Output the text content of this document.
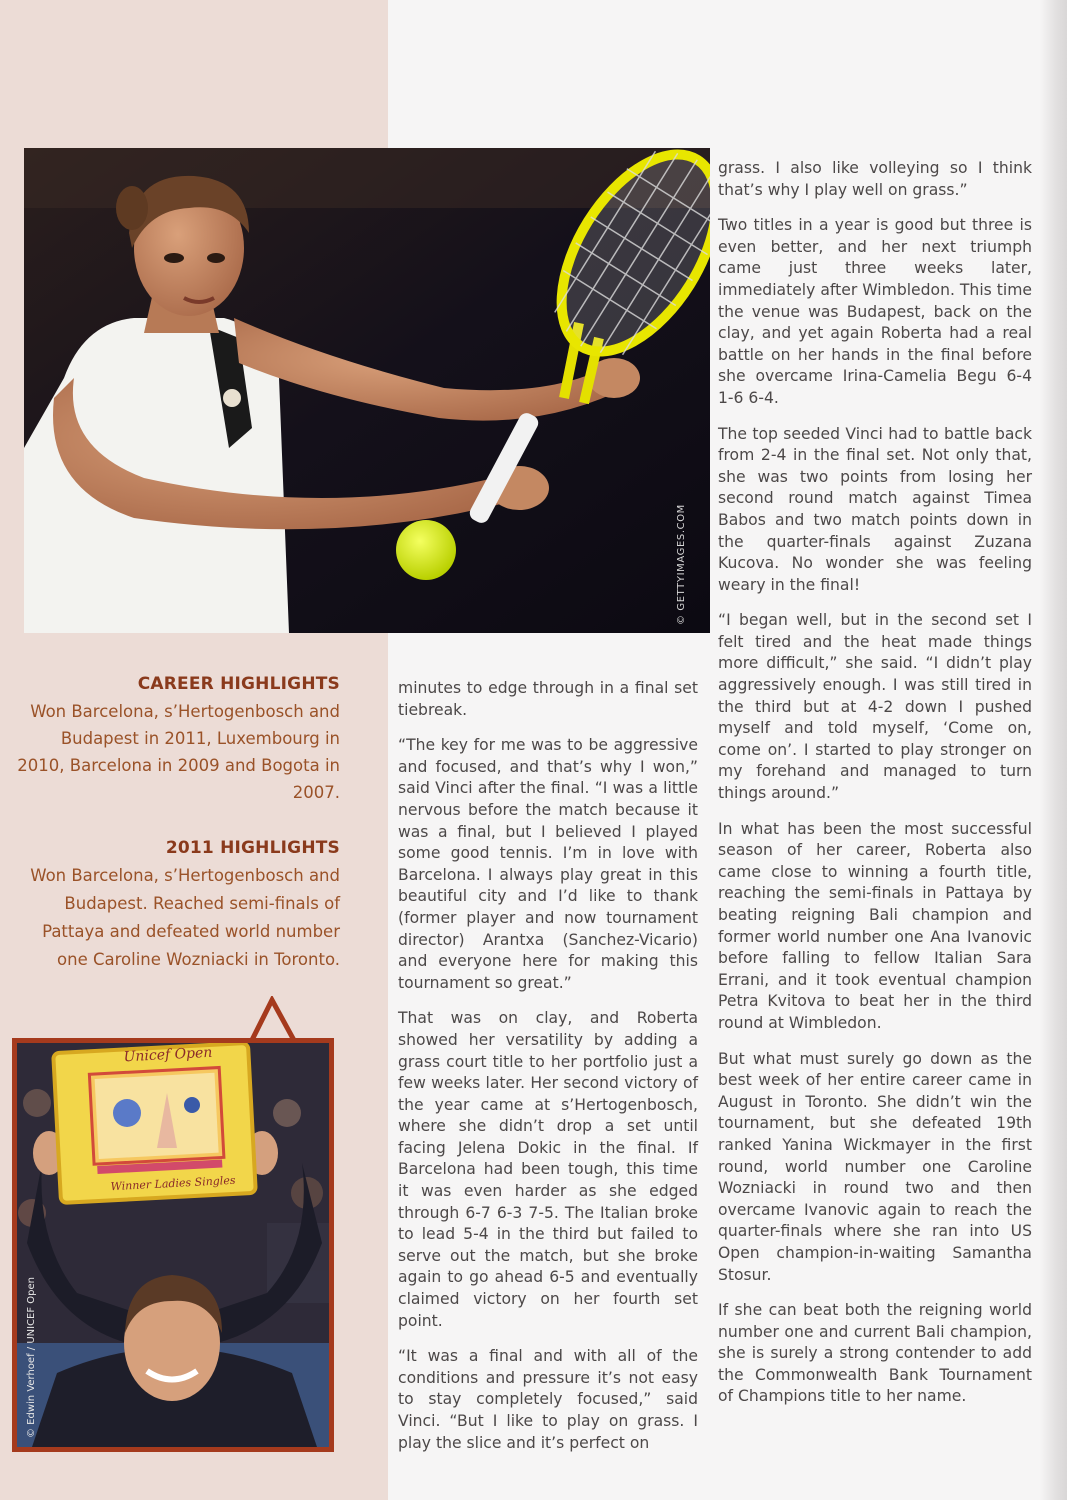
© GETTYIMAGES.COM
CAREER HIGHLIGHTS

Won Barcelona, s’Hertogenbosch and Budapest in 2011, Luxembourg in 2010, Barcelona in 2009 and Bogota in 2007.

2011 HIGHLIGHTS

Won Barcelona, s’Hertogenbosch and Budapest. Reached semi-finals of Pattaya and defeated world number one Caroline Wozniacki in Toronto.

Unicef Open
Winner Ladies Singles
© Edwin Verhoef / UNICEF Open

minutes to edge through in a final set tiebreak.

“The key for me was to be aggressive and focused, and that’s why I won,” said Vinci after the final. “I was a little nervous before the match because it was a final, but I believed I played some good tennis. I’m in love with Barcelona. I always play great in this beautiful city and I’d like to thank (former player and now tournament director) Arantxa (Sanchez-Vicario) and everyone here for making this tournament so great.”

That was on clay, and Roberta showed her versatility by adding a grass court title to her portfolio just a few weeks later. Her second victory of the year came at s’Hertogenbosch, where she didn’t drop a set until facing Jelena Dokic in the final. If Barcelona had been tough, this time it was even harder as she edged through 6-7 6-3 7-5. The Italian broke to lead 5-4 in the third but failed to serve out the match, but she broke again to go ahead 6-5 and eventually claimed victory on her fourth set point.

“It was a final and with all of the conditions and pressure it’s not easy to stay completely focused,” said Vinci. “But I like to play on grass. I play the slice and it’s perfect on

grass. I also like volleying so I think that’s why I play well on grass.”

Two titles in a year is good but three is even better, and her next triumph came just three weeks later, immediately after Wimbledon. This time the venue was Budapest, back on the clay, and yet again Roberta had a real battle on her hands in the final before she overcame Irina-Camelia Begu 6-4 1-6 6-4.

The top seeded Vinci had to battle back from 2-4 in the final set. Not only that, she was two points from losing her second round match against Timea Babos and two match points down in the quarter-finals against Zuzana Kucova. No wonder she was feeling weary in the final!

“I began well, but in the second set I felt tired and the heat made things more difficult,” she said. “I didn’t play aggressively enough. I was still tired in the third but at 4-2 down I pushed myself and told myself, ‘Come on, come on’. I started to play stronger on my forehand and managed to turn things around.”

In what has been the most successful season of her career, Roberta also came close to winning a fourth title, reaching the semi-finals in Pattaya by beating reigning Bali champion and former world number one Ana Ivanovic before falling to fellow Italian Sara Errani, and it took eventual champion Petra Kvitova to beat her in the third round at Wimbledon.

But what must surely go down as the best week of her entire career came in August in Toronto. She didn’t win the tournament, but she defeated 19th ranked Yanina Wickmayer in the first round, world number one Caroline Wozniacki in round two and then overcame Ivanovic again to reach the quarter-finals where she ran into US Open champion-in-waiting Samantha Stosur.

If she can beat both the reigning world number one and current Bali champion, she is surely a strong contender to add the Commonwealth Bank Tournament of Champions title to her name.
